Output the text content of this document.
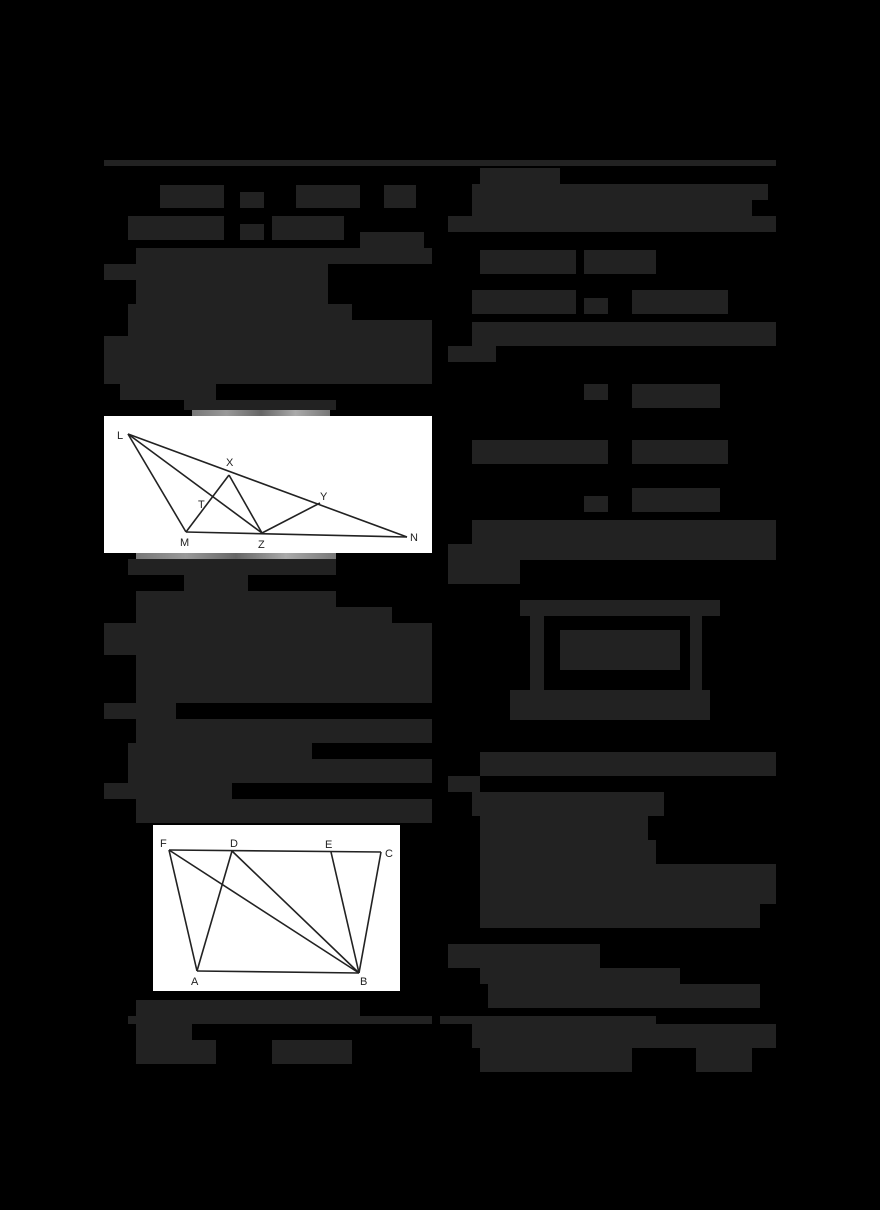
L
X
T
Y
M	Z
N
F	D	E
C
A	B
